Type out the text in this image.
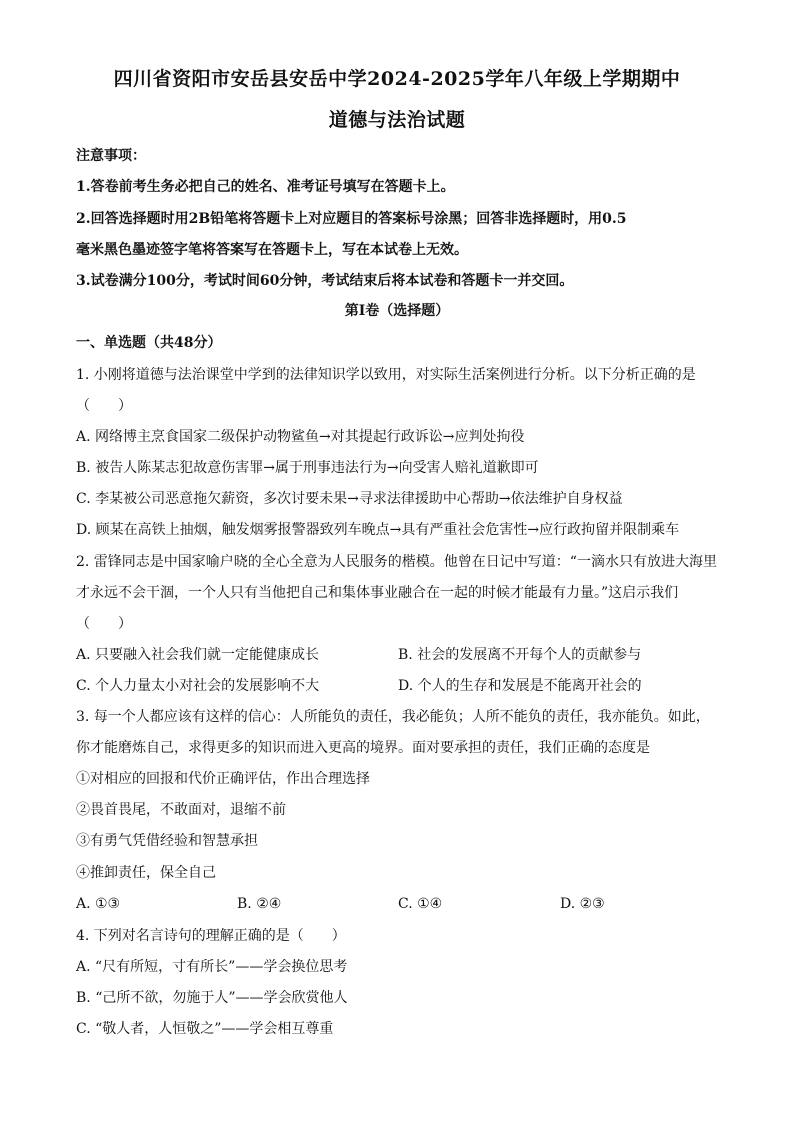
四川省资阳市安岳县安岳中学2024-2025学年八年级上学期期中
道德与法治试题
注意事项：
1.答卷前考生务必把自己的姓名、准考证号填写在答题卡上。
2.回答选择题时用2B铅笔将答题卡上对应题目的答案标号涂黑；回答非选择题时，用0.5
毫米黑色墨迹签字笔将答案写在答题卡上，写在本试卷上无效。
3.试卷满分100分，考试时间60分钟，考试结束后将本试卷和答题卡一并交回。
第I卷（选择题）
一、单选题（共48分）
1. 小刚将道德与法治课堂中学到的法律知识学以致用，对实际生活案例进行分析。以下分析正确的是
（　　）
A. 网络博主烹食国家二级保护动物鲨鱼→对其提起行政诉讼→应判处拘役
B. 被告人陈某志犯故意伤害罪→属于刑事违法行为→向受害人赔礼道歉即可
C. 李某被公司恶意拖欠薪资，多次讨要未果→寻求法律援助中心帮助→依法维护自身权益
D. 顾某在高铁上抽烟，触发烟雾报警器致列车晚点→具有严重社会危害性→应行政拘留并限制乘车
2. 雷锋同志是中国家喻户晓的全心全意为人民服务的楷模。他曾在日记中写道：“一滴水只有放进大海里
才永远不会干涸，一个人只有当他把自己和集体事业融合在一起的时候才能最有力量。”这启示我们
（　　）
A. 只要融入社会我们就一定能健康成长	B. 社会的发展离不开每个人的贡献参与
C. 个人力量太小对社会的发展影响不大	D. 个人的生存和发展是不能离开社会的
3. 每一个人都应该有这样的信心：人所能负的责任，我必能负；人所不能负的责任，我亦能负。如此，
你才能磨炼自己，求得更多的知识而进入更高的境界。面对要承担的责任，我们正确的态度是
①对相应的回报和代价正确评估，作出合理选择
②畏首畏尾，不敢面对，退缩不前
③有勇气凭借经验和智慧承担
④推卸责任，保全自己
A. ①③	B. ②④	C. ①④	D. ②③
4. 下列对名言诗句的理解正确的是（　　）
A. “尺有所短，寸有所长”——学会换位思考
B. “己所不欲，勿施于人”——学会欣赏他人
C. “敬人者，人恒敬之”——学会相互尊重
